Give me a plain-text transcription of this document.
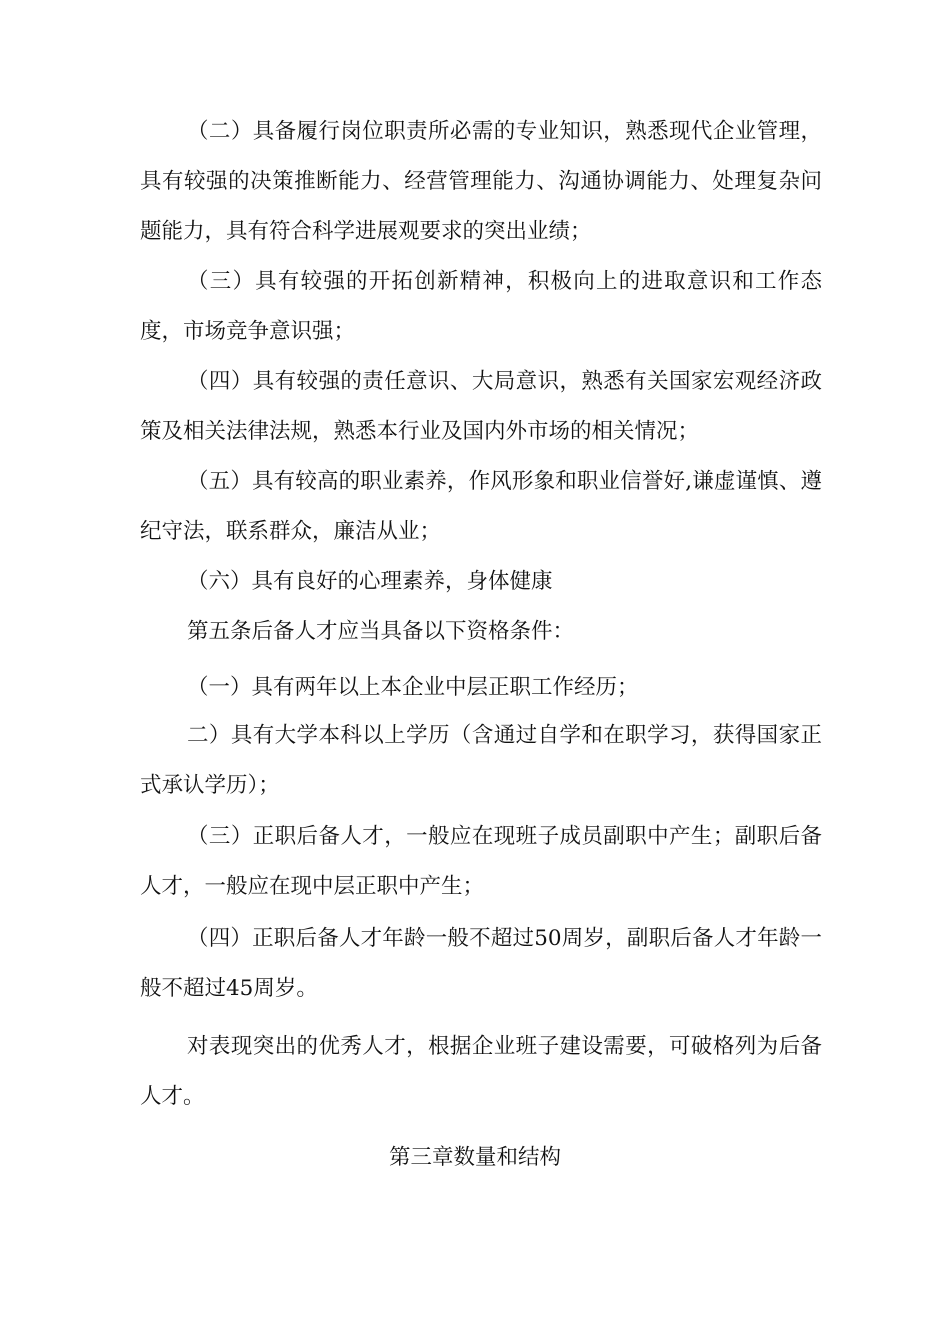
（二）具备履行岗位职责所必需的专业知识，熟悉现代企业管理，具有较强的决策推断能力、经营管理能力、沟通协调能力、处理复杂问题能力，具有符合科学进展观要求的突出业绩；

（三）具有较强的开拓创新精神，积极向上的进取意识和工作态度，市场竞争意识强；

（四）具有较强的责任意识、大局意识，熟悉有关国家宏观经济政策及相关法律法规，熟悉本行业及国内外市场的相关情况；

（五）具有较高的职业素养，作风形象和职业信誉好,谦虚谨慎、遵纪守法，联系群众，廉洁从业；

（六）具有良好的心理素养，身体健康

第五条后备人才应当具备以下资格条件：

（一）具有两年以上本企业中层正职工作经历；

二）具有大学本科以上学历（含通过自学和在职学习，获得国家正式承认学历）；

（三）正职后备人才，一般应在现班子成员副职中产生；副职后备人才，一般应在现中层正职中产生；

（四）正职后备人才年龄一般不超过50周岁，副职后备人才年龄一般不超过45周岁。

对表现突出的优秀人才，根据企业班子建设需要，可破格列为后备人才。

第三章数量和结构
